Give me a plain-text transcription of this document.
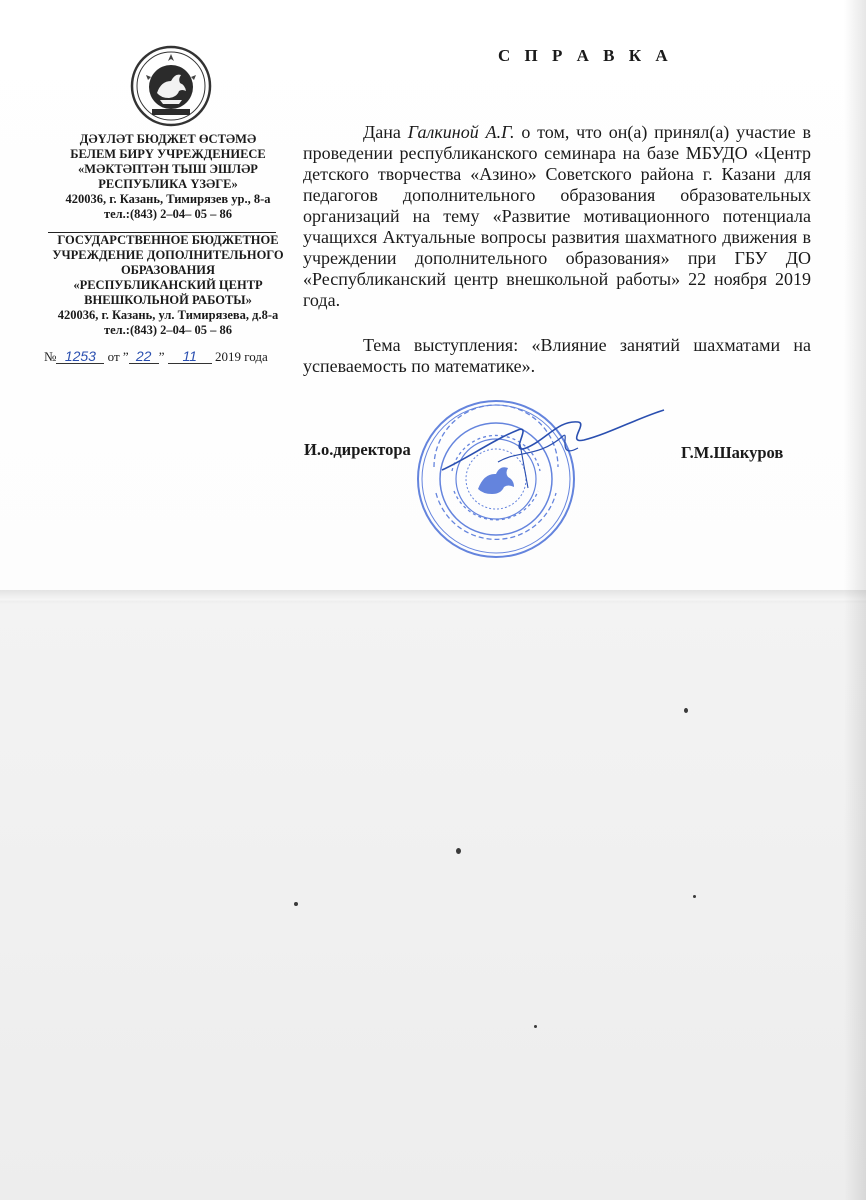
ДӘҮЛӘТ БЮДЖЕТ ӨСТӘМӘ
БЕЛЕМ БИРҮ УЧРЕЖДЕНИЕСЕ
«МӘКТӘПТӘН ТЫШ ЭШЛӘР
РЕСПУБЛИКА ҮЗӘГЕ»
420036, г. Казань, Тимирязев ур., 8-а
тел.:(843) 2–04– 05 – 86
ГОСУДАРСТВЕННОЕ БЮДЖЕТНОЕ
УЧРЕЖДЕНИЕ ДОПОЛНИТЕЛЬНОГО
ОБРАЗОВАНИЯ
«РЕСПУБЛИКАНСКИЙ ЦЕНТР
ВНЕШКОЛЬНОЙ РАБОТЫ»
420036, г. Казань, ул. Тимирязева, д.8-а
тел.:(843) 2–04– 05 – 86
№ 1253 от ” 22 ” 11 2019 года
С П Р А В К А

Дана Галкиной А.Г. о том, что он(а) принял(а) участие в проведении республиканского семинара на базе МБУДО «Центр детского творчества «Азино» Советского района г. Казани для педагогов дополнительного образования образовательных организаций на тему «Развитие мотивационного потенциала учащихся Актуальные вопросы развития шахматного движения в учреждении дополнительного образования» при ГБУ ДО «Республиканский центр внешкольной работы» 22 ноября 2019 года.

Тема выступления: «Влияние занятий шахматами на успеваемость по математике».

И.о.директора	Г.М.Шакуров
